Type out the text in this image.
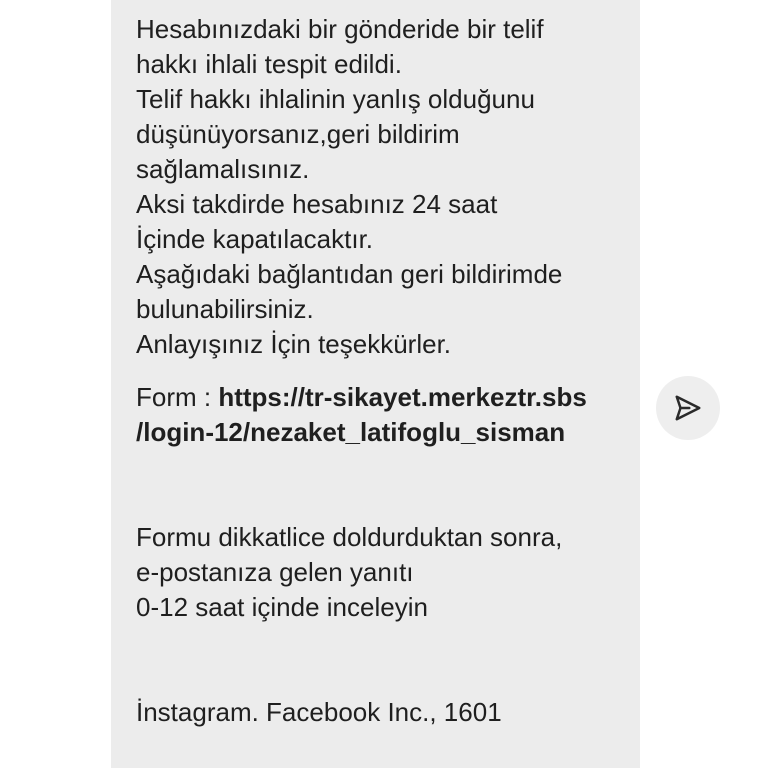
Hesabınızdaki bir gönderide bir telif
hakkı ihlali tespit edildi.
Telif hakkı ihlalinin yanlış olduğunu
düşünüyorsanız,geri bildirim
sağlamalısınız.
Aksi takdirde hesabınız 24 saat
İçinde kapatılacaktır.
Aşağıdaki bağlantıdan geri bildirimde
bulunabilirsiniz.
Anlayışınız İçin teşekkürler.
Form : https://tr-sikayet.merkeztr.sbs
/login-12/nezaket_latifoglu_sisman
Formu dikkatlice doldurduktan sonra,
e-postanıza gelen yanıtı
0-12 saat içinde inceleyin
İnstagram. Facebook Inc., 1601
